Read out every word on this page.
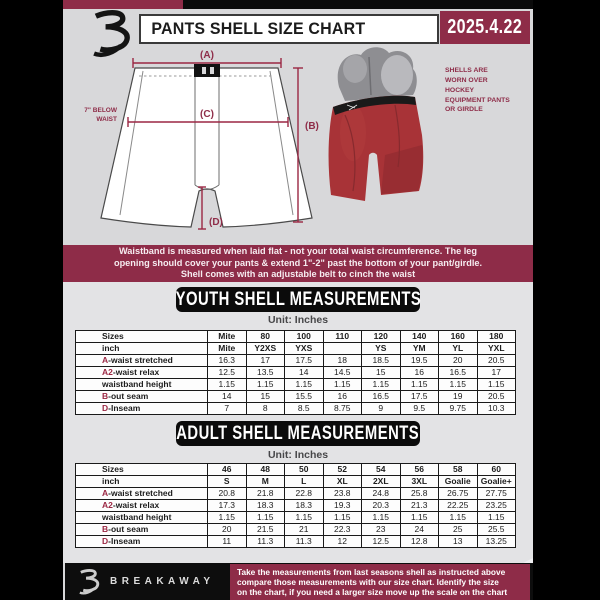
PANTS SHELL SIZE CHART	2025.4.22
(A)
(B)
(C)
(D)
7" BELOW
WAIST
SHELLS ARE WORN OVER HOCKEY EQUIPMENT PANTS OR GIRDLE
Waistband is measured when laid flat - not your total waist circumference. The leg
opening should cover your pants & extend 1"-2" past the bottom of your pant/girdle.
Shell comes with an adjustable belt to cinch the waist
YOUTH SHELL MEASUREMENTS
Unit: Inches
Sizes	Mite	80	100	110	120	140	160	180
inch	Mite	Y2XS	YXS		YS	YM	YL	YXL
A-waist stretched	16.3	17	17.5	18	18.5	19.5	20	20.5
A2-waist relax	12.5	13.5	14	14.5	15	16	16.5	17
waistband height	1.15	1.15	1.15	1.15	1.15	1.15	1.15	1.15
B-out seam	14	15	15.5	16	16.5	17.5	19	20.5
D-Inseam	7	8	8.5	8.75	9	9.5	9.75	10.3
ADULT SHELL MEASUREMENTS
Unit: Inches
Sizes	46	48	50	52	54	56	58	60
inch	S	M	L	XL	2XL	3XL	Goalie	Goalie+
A-waist stretched	20.8	21.8	22.8	23.8	24.8	25.8	26.75	27.75
A2-waist relax	17.3	18.3	18.3	19.3	20.3	21.3	22.25	23.25
waistband height	1.15	1.15	1.15	1.15	1.15	1.15	1.15	1.15
B-out seam	20	21.5	21	22.3	23	24	25	25.5
D-Inseam	11	11.3	11.3	12	12.5	12.8	13	13.25
BREAKAWAY
Take the measurements from last seasons shell as instructed above
compare those measurements with our size chart. Identify the size
on the chart, if you need a larger size move up the scale on the chart
